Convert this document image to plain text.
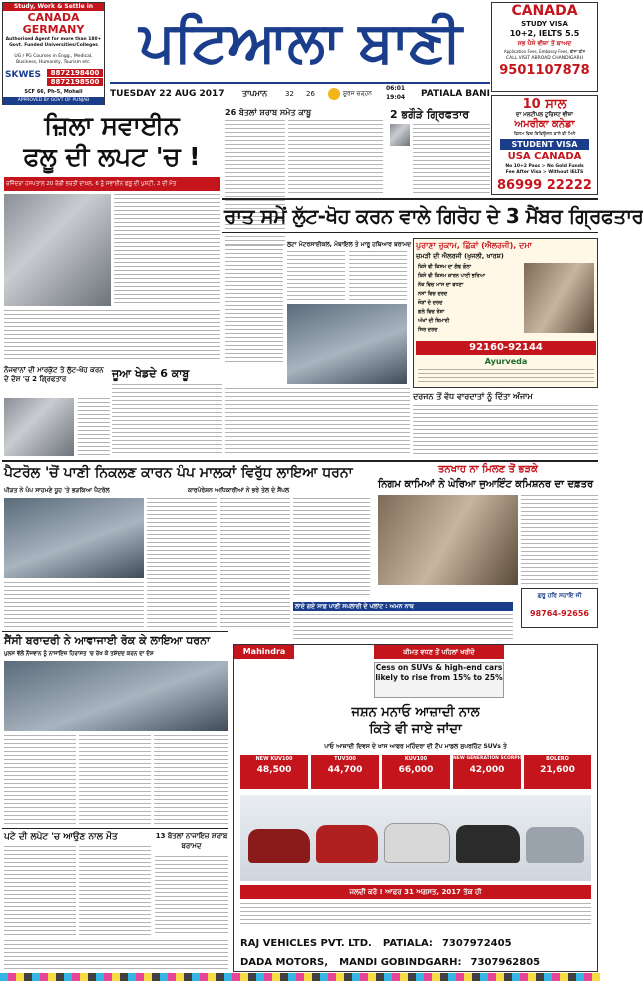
Study, Work & Settle in
CANADA
GERMANY
Authorised Agent for more than 180+ Govt. Funded Universities/Colleges
UG / PG Courses in Engg., Medical, Business, Humanity, Tourism etc.
SKWES	8872198400
8872198500
SCF 66, Ph-5, Mohali
APPROVED BY GOVT OF PUNJAB
ਪਟਿਆਲਾ ਬਾਣੀ
TUESDAY 22 AUG 2017	ਤਾਪਮਾਨ	32	26	ਸੂਰਜ ਚੜ੍ਹਨ
06:01
19:04	PATIALA BANI
CANADA
STUDY VISA
10+2, IELTS 5.5
ਸਭ ਪੈਸੇ ਵੀਜ਼ਾ ਤੋਂ ਬਾਅਦ
Application Fees, Embassy Fees, ਵੀਜ਼ਾ ਫੀਸ
CALL VISIT ABROAD CHANDIGARH
9501107878
ਜ਼ਿਲਾ ਸਵਾਈਨ
ਫਲੂ ਦੀ ਲਪਟ 'ਚ !
ਰਜਿੰਦਰਾ ਹਸਪਤਾਲ 20 ਰੋਗੀ ਭਰਤੀ ਦਾਖ਼ਲ, 6 ਨੂੰ ਸਵਾਈਨ ਫਲੂ ਦੀ ਪੁਸ਼ਟੀ, 2 ਦੀ ਮੌਤ
26 ਬੋਤਲਾਂ ਸ਼ਰਾਬ ਸਮੇਤ ਕਾਬੂ	2 ਭਗੌੜੇ ਗ੍ਰਿਫਤਾਰ
10 ਸਾਲ
ਦਾ ਮਲਟੀਪਲ ਟੂਰਿਸਟ ਵੀਜ਼ਾ
ਅਮਰੀਕਾ ਕਨੇਡਾ
ਫਿਲਮ ਵਿਚ ਰਿਫਿਊਜ਼ਲ ਵਾਲੇ ਵੀ ਮਿਲੋ
STUDENT VISA
USA CANADA
No 10+2 Pass > No Gold Funds
Fee After Visa > Without IELTS
86999 22222
ਰਾਤ ਸਮੇਂ ਲੁੱਟ-ਖੋਹ ਕਰਨ ਵਾਲੇ ਗਿਰੋਹ ਦੇ 3 ਮੈਂਬਰ ਗ੍ਰਿਫਤਾਰ
ਲੁਟਾ ਮੋਟਰਸਾਈਕਲ, ਮੋਬਾਇਲ ਤੇ ਮਾਰੂ ਹਥਿਆਰ ਬਰਾਮਦ
ਜੂਆ ਖੇਡਦੇ 6 ਕਾਬੂ
ਨੌਜਵਾਨਾਂ ਦੀ ਮਾਰਕੁੱਟ ਤੇ ਲੁੱਟ-ਖੋਹ ਕਰਨ ਦੇ ਦੋਸ਼ 'ਚ 2 ਗ੍ਰਿਫਤਾਰ
ਪੁਰਾਣਾ ਜ਼ੁਕਾਮ, ਛਿੱਕਾਂ (ਐਲਰਜੀ), ਦਮਾ
ਚਮੜੀ ਦੀ ਐਲਰਜੀ (ਖੁਜਲੀ, ਖਾਰਸ਼)
ਕਿਸੇ ਵੀ ਕਿਸਮ ਦਾ ਗੰਢ ਗੋਲਾ
ਕਿਸੇ ਵੀ ਕਿਸਮ ਕਾਰਨ ਪਾਣੀ ਭਰਿਆ
ਨੱਕ ਵਿਚ ਮਾਸ ਦਾ ਵਧਣਾ
ਨਸਾਂ ਵਿਚ ਦਰਦ
ਜੋੜਾਂ ਦੇ ਦਰਦ
ਗਲੇ ਵਿਚ ਰੇਸ਼ਾ
ਅੱਖਾਂ ਦੀ ਬਿਮਾਰੀ
ਸਿਰ ਦਰਦ
92160-92144
Ayurveda
ਦਰਜਨ ਤੋਂ ਵੱਧ ਵਾਰਦਾਤਾਂ ਨੂੰ ਦਿੱਤਾ ਅੰਜਾਮ
ਪੈਟਰੋਲ 'ਚੋਂ ਪਾਣੀ ਨਿਕਲਣ ਕਾਰਨ ਪੰਪ ਮਾਲਕਾਂ ਵਿਰੁੱਧ ਲਾਇਆ ਧਰਨਾ	ਤਨਖਾਹ ਨਾ ਮਿਲਣ ਤੋਂ ਭੜਕੇ
ਨਿਗਮ ਕਾਮਿਆਂ ਨੇ ਘੇਰਿਆ ਜੁਆਇੰਟ ਕਮਿਸ਼ਨਰ ਦਾ ਦਫ਼ਤਰ
ਪੀੜਤ ਨੇ ਪੰਪ ਸਾਹਮਣੇ ਧੂਹ 'ਤੇ ਭੜਕਿਆ ਪੈਟਰੋਲ	ਕਾਰਪੋਰੇਸ਼ਨ ਅਧਿਕਾਰੀਆਂ ਨੇ ਭਰੇ ਤੇਲ ਦੇ ਸੈਂਪਲ
ਗੁਰੂ ਹਰਿ ਸਹਾਇ ਜੀ
98764-92656
ਲਾਏ ਗਏ ਸਾਫ਼ ਪਾਣੀ ਸਪਲਾਈ ਦੇ ਪਲਾਂਟ : ਅਮਨ ਨਾਥ
ਸੈਂਸੀ ਬਰਾਦਰੀ ਨੇ ਆਵਾਜਾਈ ਰੋਕ ਕੇ ਲਾਇਆ ਧਰਨਾ
ਪੁਲਸ ਵੱਲੋਂ ਨੌਜਵਾਨ ਨੂੰ ਨਾਜਾਇਜ਼ ਹਿਰਾਸਤ 'ਚ ਰੱਖ ਕੇ ਤਸ਼ੱਦਦ ਕਰਨ ਦਾ ਦੋਸ਼
ਪਟੇ ਦੀ ਲਪੇਟ 'ਚ ਆਉਣ ਨਾਲ ਮੌਤ	13 ਬੋਤਲਾਂ ਨਾਜਾਇਜ਼ ਸ਼ਰਾਬ ਬਰਾਮਦ
Mahindra	ਕੀਮਤ ਵਧਣ ਤੋਂ ਪਹਿਲਾਂ ਖਰੀਦੋ
Cess on SUVs & high-end cars likely to rise from 15% to 25%
ਜਸ਼ਨ ਮਨਾਓ ਆਜ਼ਾਦੀ ਨਾਲ
ਕਿਤੇ ਵੀ ਜਾਏ ਜਾਂਦਾ
ਪਾਓ ਆਜ਼ਾਦੀ ਦਿਵਸ ਦੇ ਖਾਸ ਆਫਰ ਮਹਿੰਦਰਾ ਦੀ ਟੌਪ ਮਾਡਲ ਸੁਪਰਹਿੱਟ SUVs ਤੇ
NEW KUV100
48,500
TUV300
44,700
KUV100
66,000
NEW GENERATION SCORPIO
42,000
BOLERO
21,600
ਜਲਦੀ ਕਰੋ ! ਆਫਰ 31 ਅਗਸਤ, 2017 ਤੱਕ ਹੀ
RAJ VEHICLES PVT. LTD. PATIALA: 7307972405
DADA MOTORS, MANDI GOBINDGARH: 7307962805
